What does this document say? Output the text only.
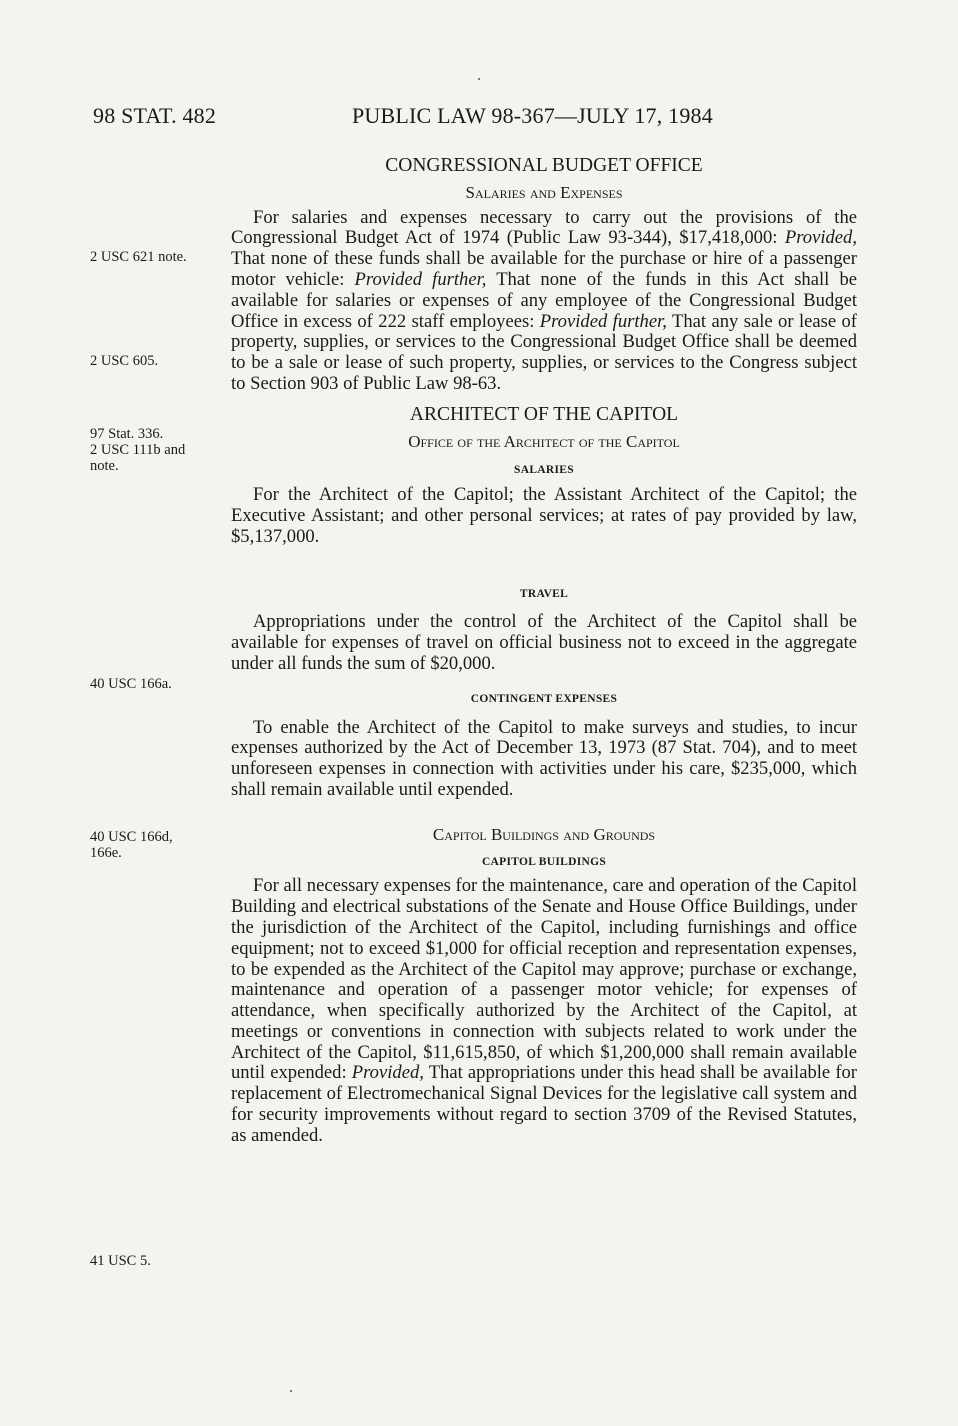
98 STAT. 482	PUBLIC LAW 98-367—JULY 17, 1984
2 USC 621 note.
2 USC 605.
97 Stat. 336.
2 USC 111b and
note.
40 USC 166a.
40 USC 166d,
166e.
41 USC 5.
CONGRESSIONAL BUDGET OFFICE
Salaries and Expenses

For salaries and expenses necessary to carry out the provisions of the Congressional Budget Act of 1974 (Public Law 93-344), $17,418,000: Provided, That none of these funds shall be available for the purchase or hire of a passenger motor vehicle: Provided further, That none of the funds in this Act shall be available for salaries or expenses of any employee of the Congressional Budget Office in excess of 222 staff employees: Provided further, That any sale or lease of property, supplies, or services to the Congressional Budget Office shall be deemed to be a sale or lease of such property, supplies, or services to the Congress subject to Section 903 of Public Law 98-63.

ARCHITECT OF THE CAPITOL
Office of the Architect of the Capitol
SALARIES

For the Architect of the Capitol; the Assistant Architect of the Capitol; the Executive Assistant; and other personal services; at rates of pay provided by law, $5,137,000.

TRAVEL

Appropriations under the control of the Architect of the Capitol shall be available for expenses of travel on official business not to exceed in the aggregate under all funds the sum of $20,000.

CONTINGENT EXPENSES

To enable the Architect of the Capitol to make surveys and studies, to incur expenses authorized by the Act of December 13, 1973 (87 Stat. 704), and to meet unforeseen expenses in connection with activities under his care, $235,000, which shall remain available until expended.

Capitol Buildings and Grounds
CAPITOL BUILDINGS

For all necessary expenses for the maintenance, care and operation of the Capitol Building and electrical substations of the Senate and House Office Buildings, under the jurisdiction of the Architect of the Capitol, including furnishings and office equipment; not to exceed $1,000 for official reception and representation expenses, to be expended as the Architect of the Capitol may approve; purchase or exchange, maintenance and operation of a passenger motor vehicle; for expenses of attendance, when specifically authorized by the Architect of the Capitol, at meetings or conventions in connection with subjects related to work under the Architect of the Capitol, $11,615,850, of which $1,200,000 shall remain available until expended: Provided, That appropriations under this head shall be available for replacement of Electromechanical Signal Devices for the legislative call system and for security improvements without regard to section 3709 of the Revised Statutes, as amended.
